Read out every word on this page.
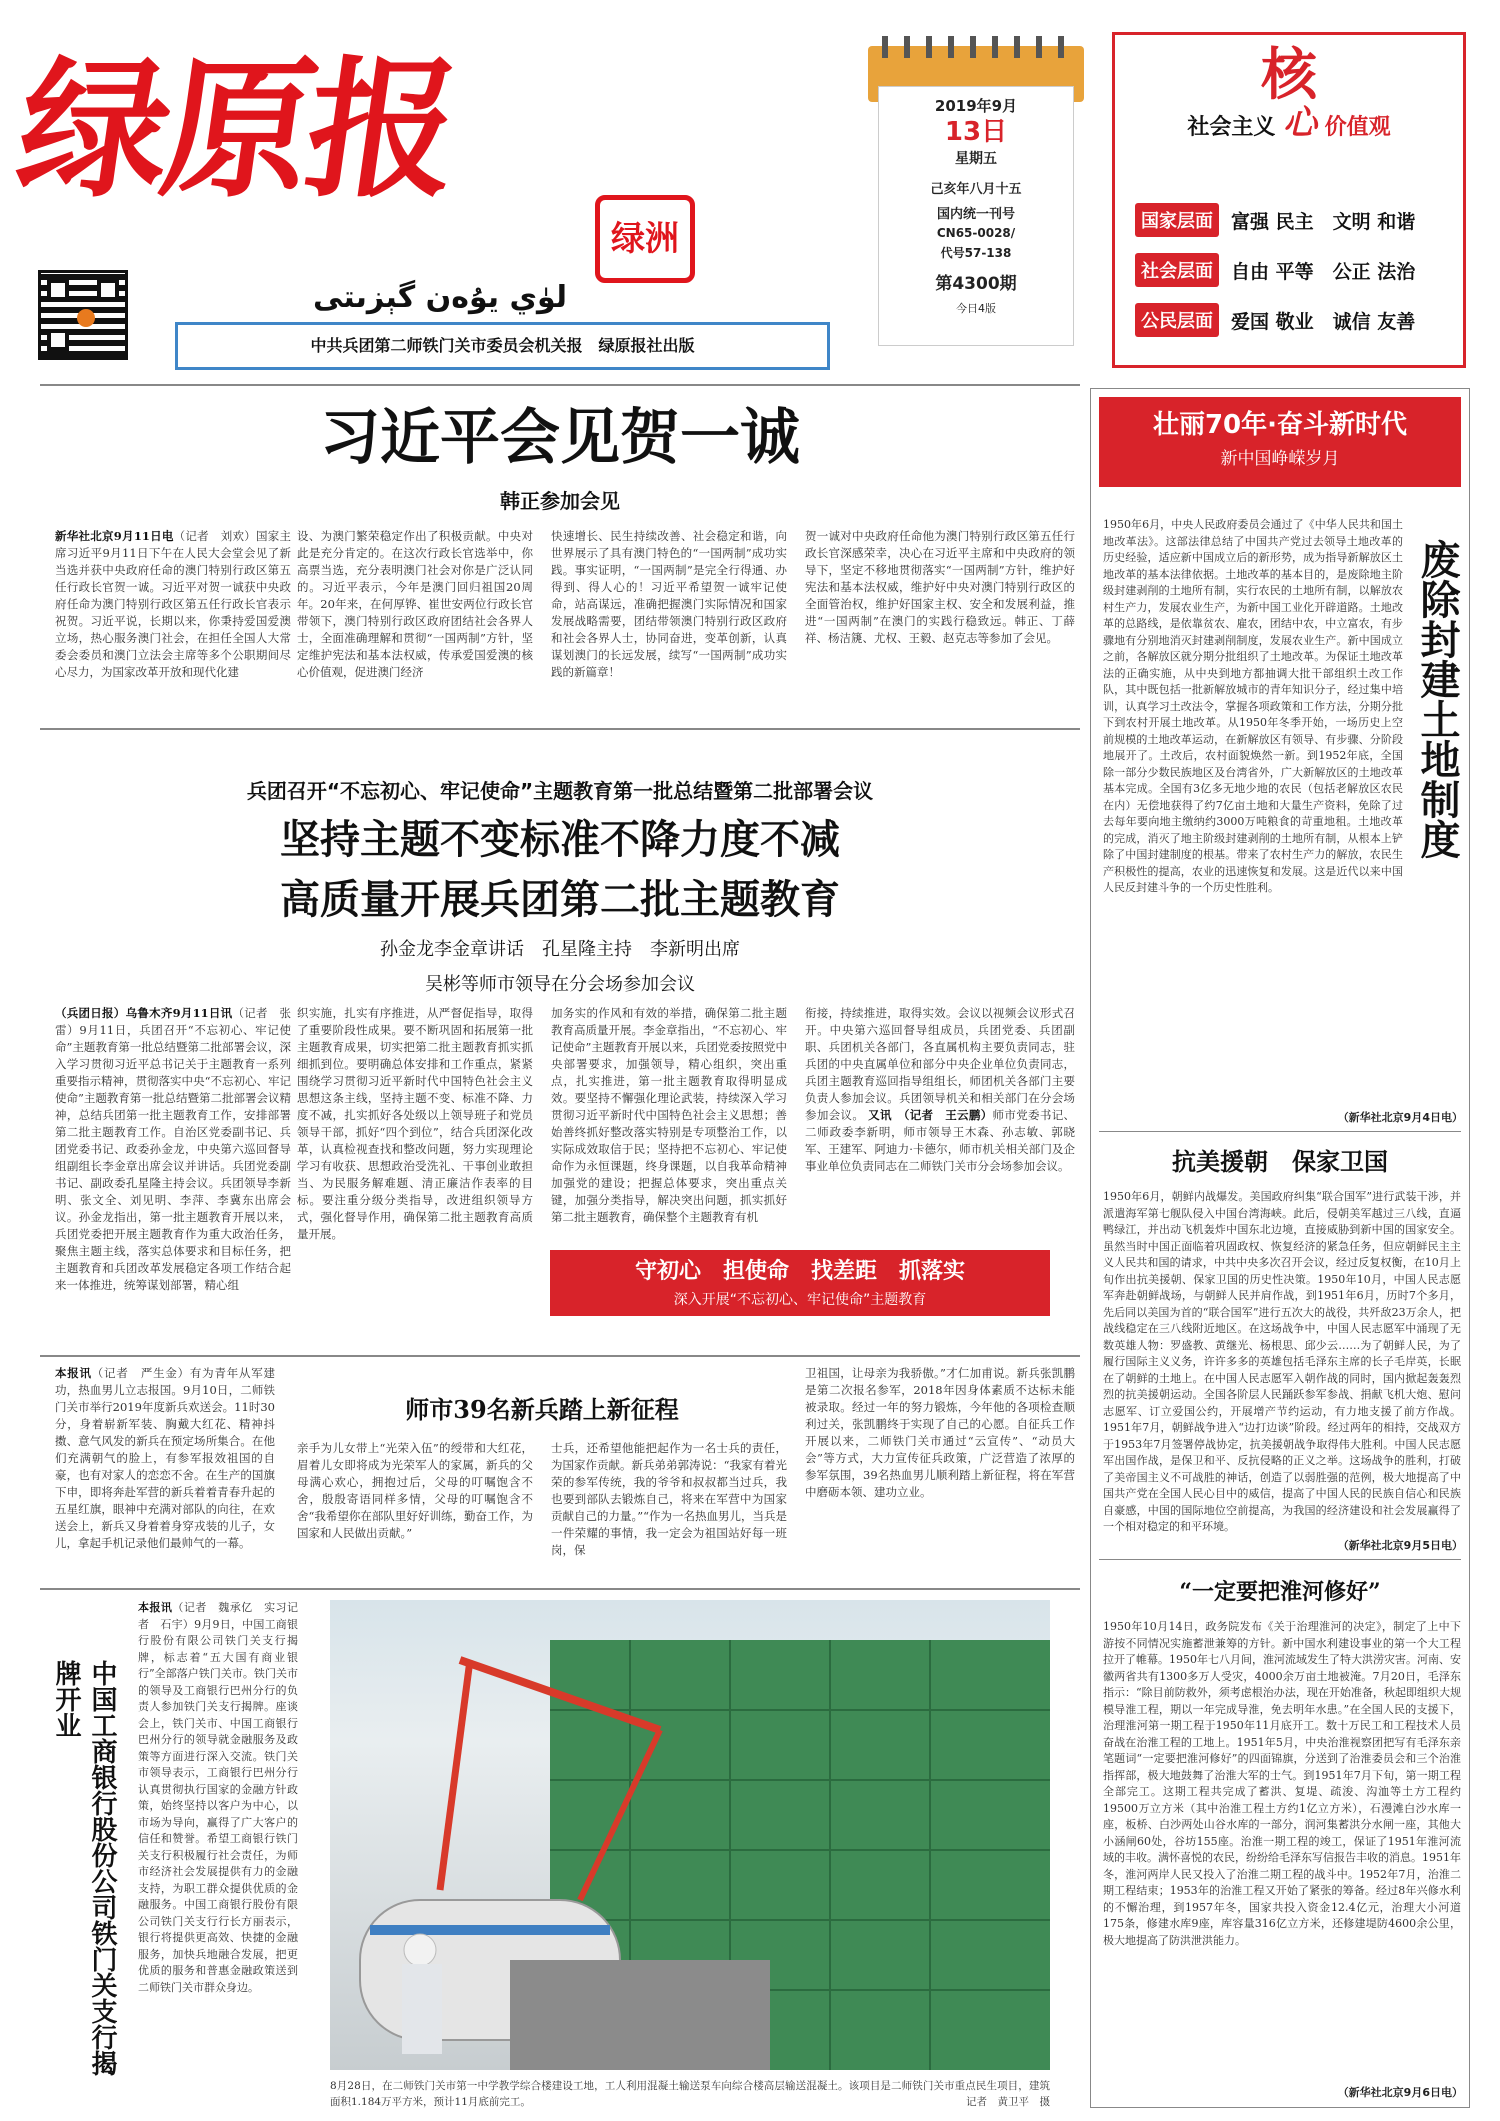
绿原报
绿洲
لۈي يۇەن گېزىتى
中共兵团第二师铁门关市委员会机关报　绿原报社出版
2019年9月
13日
星期五
己亥年八月十五
国内统一刊号
CN65-0028/
代号57-138
第4300期
今日4版
核
社会主义 心 价值观
国家层面 富强 民主　文明 和谐
社会层面 自由 平等　公正 法治
公民层面 爱国 敬业　诚信 友善
习近平会见贺一诚
韩正参加会见
新华社北京9月11日电（记者　刘欢）国家主席习近平9月11日下午在人民大会堂会见了新当选并获中央政府任命的澳门特别行政区第五任行政长官贺一诚。习近平对贺一诚获中央政府任命为澳门特别行政区第五任行政长官表示祝贺。习近平说，长期以来，你秉持爱国爱澳立场，热心服务澳门社会，在担任全国人大常委会委员和澳门立法会主席等多个公职期间尽心尽力，为国家改革开放和现代化建
设、为澳门繁荣稳定作出了积极贡献。中央对此是充分肯定的。在这次行政长官选举中，你高票当选，充分表明澳门社会对你是广泛认同的。习近平表示，今年是澳门回归祖国20周年。20年来，在何厚铧、崔世安两位行政长官带领下，澳门特别行政区政府团结社会各界人士，全面准确理解和贯彻“一国两制”方针，坚定维护宪法和基本法权威，传承爱国爱澳的核心价值观，促进澳门经济
快速增长、民生持续改善、社会稳定和谐，向世界展示了具有澳门特色的“一国两制”成功实践。事实证明，“一国两制”是完全行得通、办得到、得人心的！习近平希望贺一诚牢记使命，站高谋远，准确把握澳门实际情况和国家发展战略需要，团结带领澳门特别行政区政府和社会各界人士，协同奋进，变革创新，认真谋划澳门的长远发展，续写“一国两制”成功实践的新篇章！
贺一诚对中央政府任命他为澳门特别行政区第五任行政长官深感荣幸，决心在习近平主席和中央政府的领导下，坚定不移地贯彻落实“一国两制”方针，维护好宪法和基本法权威，维护好中央对澳门特别行政区的全面管治权，维护好国家主权、安全和发展利益，推进“一国两制”在澳门的实践行稳致远。韩正、丁薛祥、杨洁篪、尤权、王毅、赵克志等参加了会见。
兵团召开“不忘初心、牢记使命”主题教育第一批总结暨第二批部署会议
坚持主题不变标准不降力度不减
高质量开展兵团第二批主题教育
孙金龙李金章讲话　孔星隆主持　李新明出席
吴彬等师市领导在分会场参加会议
（兵团日报）乌鲁木齐9月11日讯（记者　张雷）9月11日，兵团召开“不忘初心、牢记使命”主题教育第一批总结暨第二批部署会议，深入学习贯彻习近平总书记关于主题教育一系列重要指示精神，贯彻落实中央“不忘初心、牢记使命”主题教育第一批总结暨第二批部署会议精神，总结兵团第一批主题教育工作，安排部署第二批主题教育工作。自治区党委副书记、兵团党委书记、政委孙金龙，中央第六巡回督导组副组长李金章出席会议并讲话。兵团党委副书记、副政委孔星隆主持会议。兵团领导李新明、张文全、刘见明、李萍、李冀东出席会议。孙金龙指出，第一批主题教育开展以来，兵团党委把开展主题教育作为重大政治任务，聚焦主题主线，落实总体要求和目标任务，把主题教育和兵团改革发展稳定各项工作结合起来一体推进，统筹谋划部署，精心组
织实施，扎实有序推进，从严督促指导，取得了重要阶段性成果。要不断巩固和拓展第一批主题教育成果，切实把第二批主题教育抓实抓细抓到位。要明确总体安排和工作重点，紧紧围绕学习贯彻习近平新时代中国特色社会主义思想这条主线，坚持主题不变、标准不降、力度不减，扎实抓好各处级以上领导班子和党员领导干部，抓好“四个到位”，结合兵团深化改革，认真检视查找和整改问题，努力实现理论学习有收获、思想政治受洗礼、干事创业敢担当、为民服务解难题、清正廉洁作表率的目标。要注重分级分类指导，改进组织领导方式，强化督导作用，确保第二批主题教育高质量开展。
加务实的作风和有效的举措，确保第二批主题教育高质量开展。李金章指出，“不忘初心、牢记使命”主题教育开展以来，兵团党委按照党中央部署要求，加强领导，精心组织，突出重点，扎实推进，第一批主题教育取得明显成效。要坚持不懈强化理论武装，持续深入学习贯彻习近平新时代中国特色社会主义思想；善始善终抓好整改落实特别是专项整治工作，以实际成效取信于民；坚持把不忘初心、牢记使命作为永恒课题，终身课题，以自我革命精神加强党的建设；把握总体要求，突出重点关键，加强分类指导，解决突出问题，抓实抓好第二批主题教育，确保整个主题教育有机
衔接，持续推进，取得实效。会议以视频会议形式召开。中央第六巡回督导组成员，兵团党委、兵团副职、兵团机关各部门，各直属机构主要负责同志，驻兵团的中央直属单位和部分中央企业单位负责同志，兵团主题教育巡回指导组组长，师团机关各部门主要负责人参加会议。兵团领导机关和相关部门在分会场参加会议。 又讯　（记者　王云鹏）师市党委书记、二师政委李新明，师市领导王木森、孙志敏、郭晓军、王建军、阿迪力·卡德尔，师市机关相关部门及企事业单位负责同志在二师铁门关市分会场参加会议。
守初心　担使命　找差距　抓落实
深入开展“不忘初心、牢记使命”主题教育
师市39名新兵踏上新征程
本报讯（记者　严生金）有为青年从军建功，热血男儿立志报国。9月10日，二师铁门关市举行2019年度新兵欢送会。11时30分，身着崭新军装、胸戴大红花、精神抖擞、意气风发的新兵在预定场所集合。在他们充满朝气的脸上，有参军报效祖国的自豪，也有对家人的恋恋不舍。在生产的国旗下申，即将奔赴军营的新兵着着青春升起的五星红旗，眼神中充满对部队的向往，在欢送会上，新兵又身着着身穿戎装的儿子，女儿，拿起手机记录他们最帅气的一幕。
亲手为儿女带上“光荣入伍”的绶带和大红花，眉着儿女即将成为光荣军人的家属，新兵的父母满心欢心，拥抱过后，父母的叮嘱饱含不舍，殷殷寄语同样多情，父母的叮嘱饱含不舍“我希望你在部队里好好训练，勤奋工作，为国家和人民做出贡献。”
士兵，还希望他能把起作为一名士兵的责任，为国家作贡献。新兵弟弟郭涛说：“我家有着光荣的参军传统，我的爷爷和叔叔都当过兵，我也要到部队去锻炼自己，将来在军营中为国家贡献自己的力量。”“作为一名热血男儿，当兵是一件荣耀的事情，我一定会为祖国站好每一班岗，保
卫祖国，让母亲为我骄傲。”才仁加甫说。新兵张凯鹏是第二次报名参军，2018年因身体素质不达标未能被录取。经过一年的努力锻炼，今年他的各项检查顺利过关，张凯鹏终于实现了自己的心愿。自征兵工作开展以来，二师铁门关市通过“云宣传”、“动员大会”等方式，大力宣传征兵政策，广泛营造了浓厚的参军氛围，39名热血男儿顺利踏上新征程，将在军营中磨砺本领、建功立业。
中国工商银行股份公司铁门关支行揭牌开业
本报讯（记者　魏承亿　实习记者　石宇）9月9日，中国工商银行股份有限公司铁门关支行揭牌，标志着“五大国有商业银行”全部落户铁门关市。铁门关市的领导及工商银行巴州分行的负责人参加铁门关支行揭牌。座谈会上，铁门关市、中国工商银行巴州分行的领导就金融服务及政策等方面进行深入交流。铁门关市领导表示，工商银行巴州分行认真贯彻执行国家的金融方针政策，始终坚持以客户为中心，以市场为导向，赢得了广大客户的信任和赞誉。希望工商银行铁门关支行积极履行社会责任，为师市经济社会发展提供有力的金融支持，为职工群众提供优质的金融服务。中国工商银行股份有限公司铁门关支行行长方丽表示，银行将提供更高效、快捷的金融服务，加快兵地融合发展，把更优质的服务和普惠金融政策送到二师铁门关市群众身边。
8月28日，在二师铁门关市第一中学教学综合楼建设工地，工人利用混凝土输送泵车向综合楼高层输送混凝土。该项目是二师铁门关市重点民生项目，建筑面积1.184万平方米，预计11月底前完工。	记者　黄卫平　摄
壮丽70年·奋斗新时代
新中国峥嵘岁月
废除封建土地制度
1950年6月，中央人民政府委员会通过了《中华人民共和国土地改革法》。这部法律总结了中国共产党过去领导土地改革的历史经验，适应新中国成立后的新形势，成为指导新解放区土地改革的基本法律依据。土地改革的基本目的，是废除地主阶级封建剥削的土地所有制，实行农民的土地所有制，以解放农村生产力，发展农业生产，为新中国工业化开辟道路。土地改革的总路线，是依靠贫农、雇农，团结中农，中立富农，有步骤地有分别地消灭封建剥削制度，发展农业生产。新中国成立之前，各解放区就分期分批组织了土地改革。为保证土地改革法的正确实施，从中央到地方都抽调大批干部组织土改工作队，其中既包括一批新解放城市的青年知识分子，经过集中培训，认真学习土改法令，掌握各项政策和工作方法，分期分批下到农村开展土地改革。从1950年冬季开始，一场历史上空前规模的土地改革运动，在新解放区有领导、有步骤、分阶段地展开了。土改后，农村面貌焕然一新。到1952年底，全国除一部分少数民族地区及台湾省外，广大新解放区的土地改革基本完成。全国有3亿多无地少地的农民（包括老解放区农民在内）无偿地获得了约7亿亩土地和大量生产资料，免除了过去每年要向地主缴纳约3000万吨粮食的苛重地租。土地改革的完成，消灭了地主阶级封建剥削的土地所有制，从根本上铲除了中国封建制度的根基。带来了农村生产力的解放，农民生产积极性的提高，农业的迅速恢复和发展。这是近代以来中国人民反封建斗争的一个历史性胜利。
（新华社北京9月4日电）
抗美援朝　保家卫国
1950年6月，朝鲜内战爆发。美国政府纠集“联合国军”进行武装干涉，并派遣海军第七舰队侵入中国台湾海峡。此后，侵朝美军越过三八线，直逼鸭绿江，并出动飞机轰炸中国东北边境，直接威胁到新中国的国家安全。虽然当时中国正面临着巩固政权、恢复经济的紧急任务，但应朝鲜民主主义人民共和国的请求，中共中央多次召开会议，经过反复权衡，在10月上旬作出抗美援朝、保家卫国的历史性决策。1950年10月，中国人民志愿军奔赴朝鲜战场，与朝鲜人民并肩作战，到1951年6月，历时7个多月，先后同以美国为首的“联合国军”进行五次大的战役，共歼敌23万余人，把战线稳定在三八线附近地区。在这场战争中，中国人民志愿军中涌现了无数英雄人物：罗盛教、黄继光、杨根思、邱少云……为了朝鲜人民，为了履行国际主义义务，许许多多的英雄包括毛泽东主席的长子毛岸英，长眠在了朝鲜的土地上。在中国人民志愿军入朝作战的同时，国内掀起轰轰烈烈的抗美援朝运动。全国各阶层人民踊跃参军参战、捐献飞机大炮、慰问志愿军、订立爱国公约，开展增产节约运动，有力地支援了前方作战。1951年7月，朝鲜战争进入“边打边谈”阶段。经过两年的相持，交战双方于1953年7月签署停战协定，抗美援朝战争取得伟大胜利。中国人民志愿军出国作战，是保卫和平、反抗侵略的正义之举。这场战争的胜利，打破了美帝国主义不可战胜的神话，创造了以弱胜强的范例，极大地提高了中国共产党在全国人民心目中的威信，提高了中国人民的民族自信心和民族自豪感，中国的国际地位空前提高，为我国的经济建设和社会发展赢得了一个相对稳定的和平环境。
（新华社北京9月5日电）
“一定要把淮河修好”
1950年10月14日，政务院发布《关于治理淮河的决定》，制定了上中下游按不同情况实施蓄泄兼筹的方针。新中国水利建设事业的第一个大工程拉开了帷幕。1950年七八月间，淮河流域发生了特大洪涝灾害。河南、安徽两省共有1300多万人受灾，4000余万亩土地被淹。7月20日，毛泽东指示：“除目前防救外，须考虑根治办法，现在开始准备，秋起即组织大规模导淮工程，期以一年完成导淮，免去明年水患。”在全国人民的支援下，治理淮河第一期工程于1950年11月底开工。数十万民工和工程技术人员奋战在治淮工程的工地上。1951年5月，中央治淮视察团把写有毛泽东亲笔题词“一定要把淮河修好”的四面锦旗，分送到了治淮委员会和三个治淮指挥部，极大地鼓舞了治淮大军的士气。到1951年7月下旬，第一期工程全部完工。这期工程共完成了蓄洪、复堤、疏浚、沟洫等土方工程约19500万立方米（其中治淮工程土方约1亿立方米），石漫滩白沙水库一座，板桥、白沙两处山谷水库的一部分，润河集蓄洪分水闸一座，其他大小涵闸60处，谷坊155座。治淮一期工程的竣工，保证了1951年淮河流域的丰收。满怀喜悦的农民，纷纷给毛泽东写信报告丰收的消息。1951年冬，淮河两岸人民又投入了治淮二期工程的战斗中。1952年7月，治淮二期工程结束；1953年的治淮工程又开始了紧张的筹备。经过8年兴修水利的不懈治理，到1957年冬，国家共投入资金12.4亿元，治理大小河道175条，修建水库9座，库容量316亿立方米，还修建堤防4600余公里，极大地提高了防洪泄洪能力。
（新华社北京9月6日电）
